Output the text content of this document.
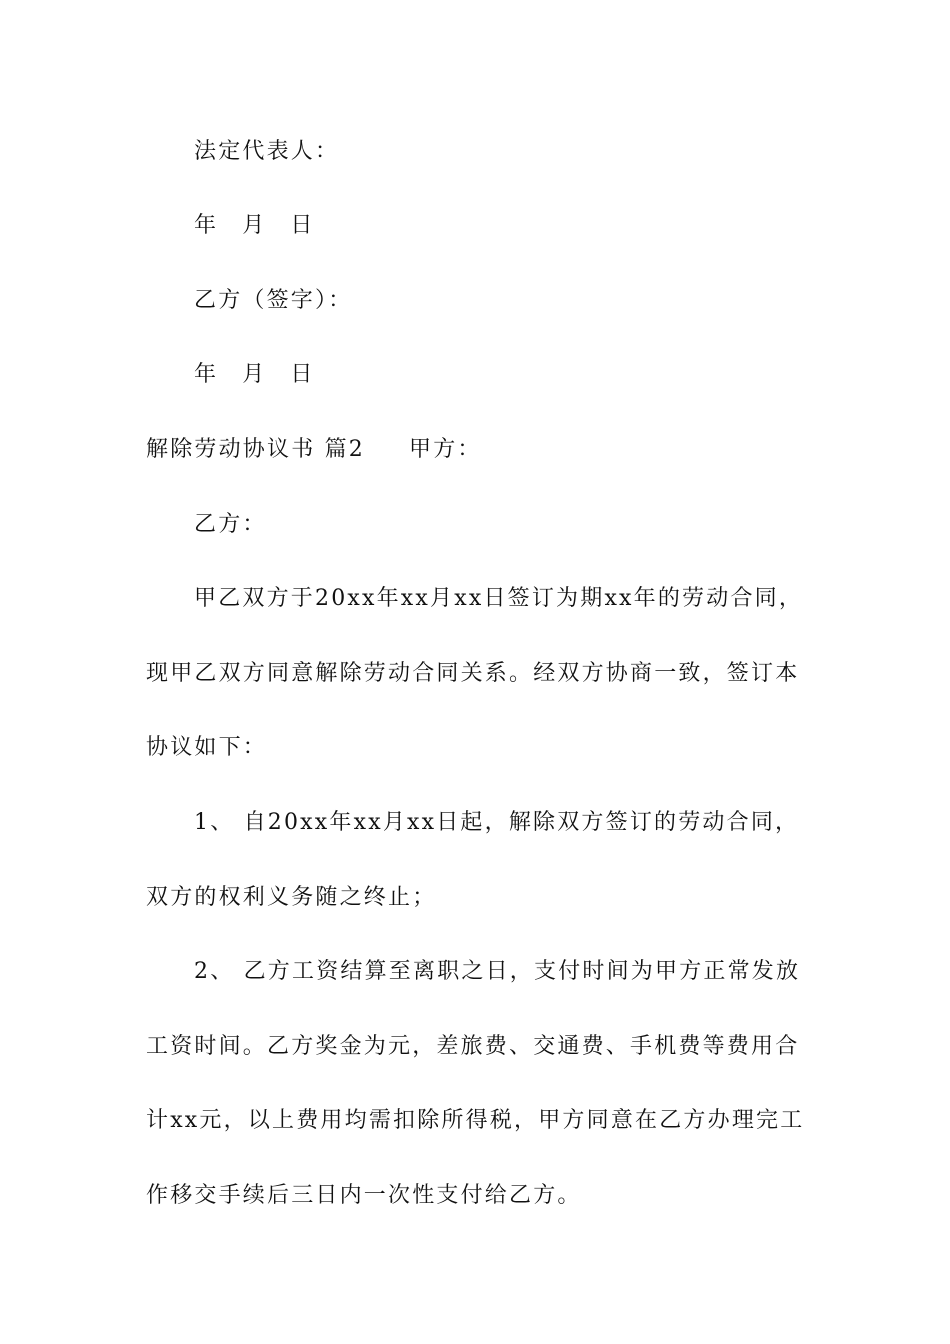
法定代表人：
年 月 日
乙方（签字）：
年 月 日
解除劳动协议书 篇2 甲方：
乙方：
甲乙双方于20xx年xx月xx日签订为期xx年的劳动合同，
现甲乙双方同意解除劳动合同关系。经双方协商一致，签订本
协议如下：
1、 自20xx年xx月xx日起，解除双方签订的劳动合同，
双方的权利义务随之终止；
2、 乙方工资结算至离职之日，支付时间为甲方正常发放
工资时间。乙方奖金为元，差旅费、交通费、手机费等费用合
计xx元，以上费用均需扣除所得税，甲方同意在乙方办理完工
作移交手续后三日内一次性支付给乙方。
